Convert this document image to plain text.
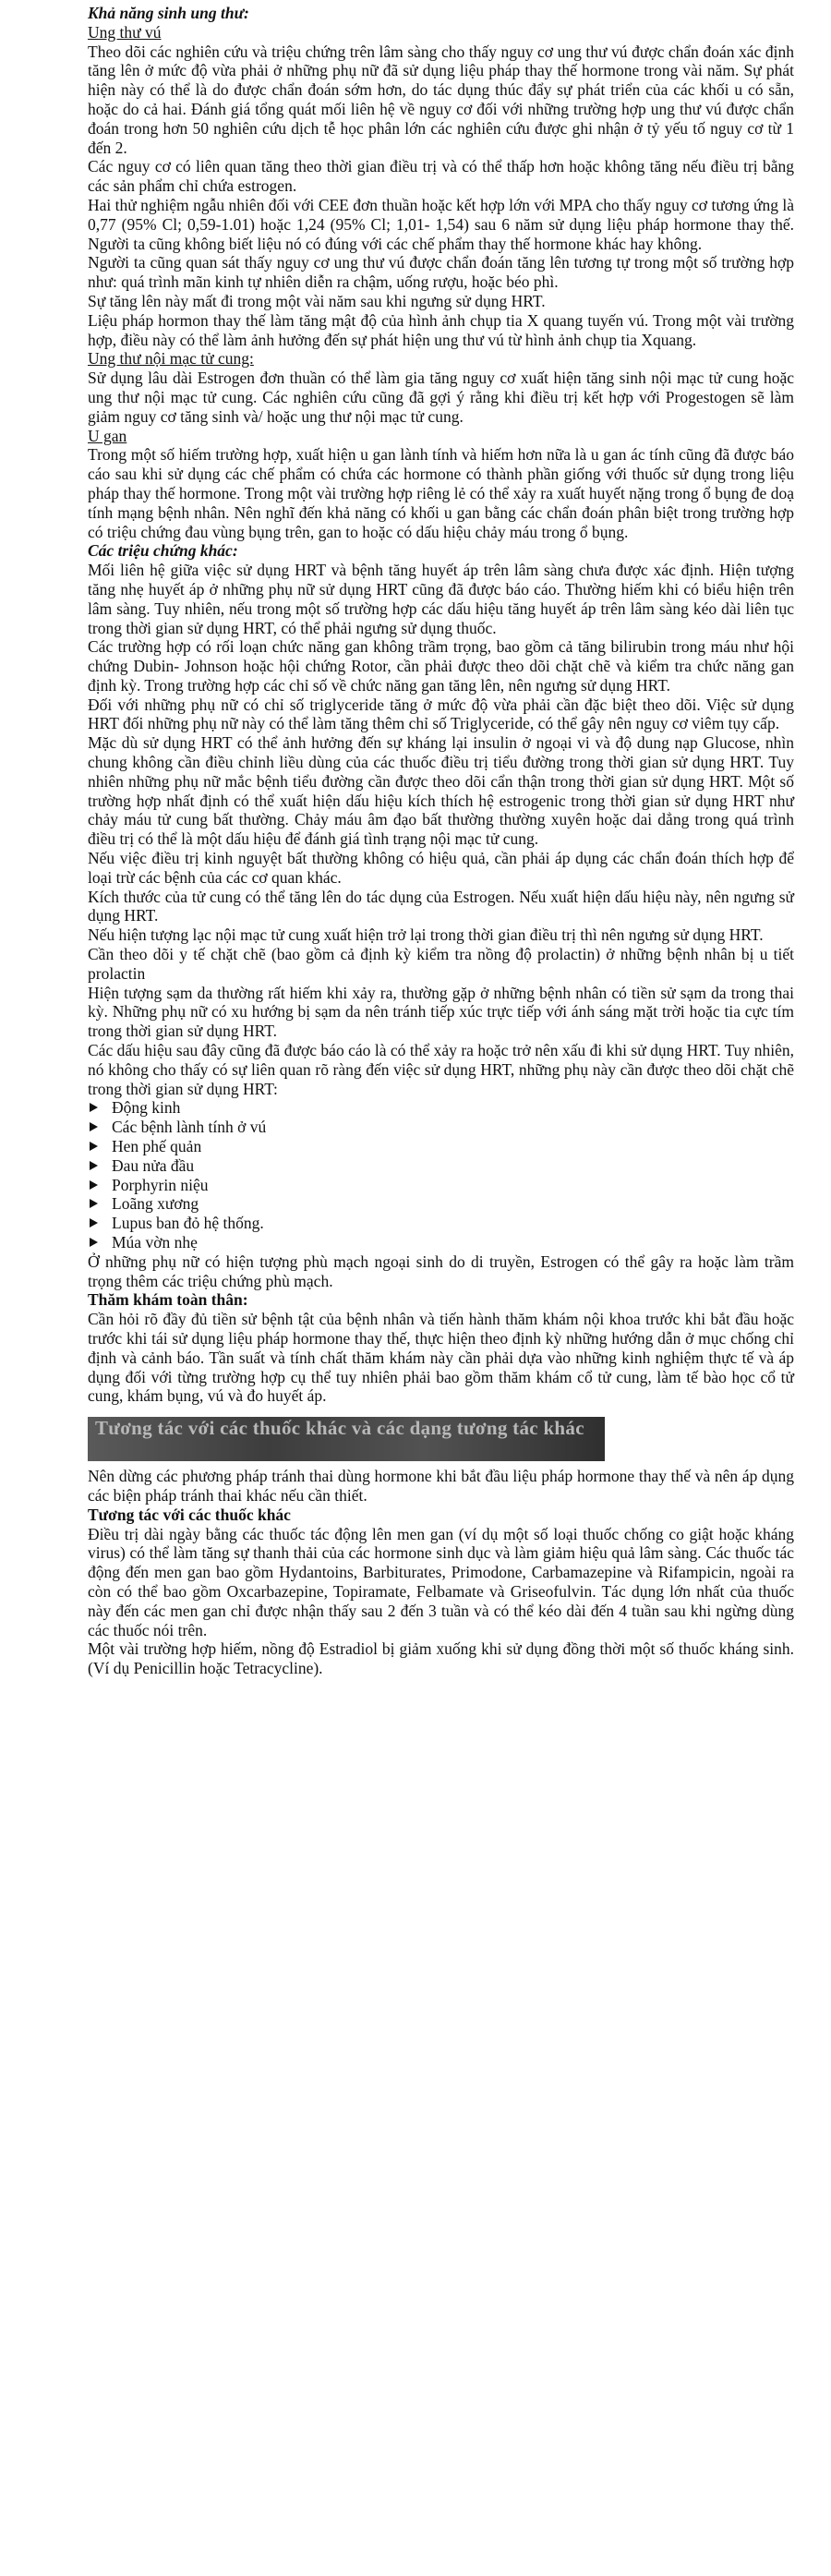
Khả năng sinh ung thư:

Ung thư vú

Theo dõi các nghiên cứu và triệu chứng trên lâm sàng cho thấy nguy cơ ung thư vú được chẩn đoán xác định tăng lên ở mức độ vừa phải ở những phụ nữ đã sử dụng liệu pháp thay thế hormone trong vài năm. Sự phát hiện này có thể là do được chẩn đoán sớm hơn, do tác dụng thúc đẩy sự phát triển của các khối u có sẵn, hoặc do cả hai. Đánh giá tổng quát mối liên hệ về nguy cơ đối với những trường hợp ung thư vú được chẩn đoán trong hơn 50 nghiên cứu dịch tễ học phân lớn các nghiên cứu được ghi nhận ở tỷ yếu tố nguy cơ từ 1 đến 2.

Các nguy cơ có liên quan tăng theo thời gian điều trị và có thể thấp hơn hoặc không tăng nếu điều trị bằng các sản phẩm chỉ chứa estrogen.

Hai thử nghiệm ngẫu nhiên đối với CEE đơn thuần hoặc kết hợp lớn với MPA cho thấy nguy cơ tương ứng là 0,77 (95% Cl; 0,59-1.01) hoặc 1,24 (95% Cl; 1,01- 1,54) sau 6 năm sử dụng liệu pháp hormone thay thế. Người ta cũng không biết liệu nó có đúng với các chế phẩm thay thế hormone khác hay không.

Người ta cũng quan sát thấy nguy cơ ung thư vú được chẩn đoán tăng lên tương tự trong một số trường hợp như: quá trình mãn kinh tự nhiên diễn ra chậm, uống rượu, hoặc béo phì.

Sự tăng lên này mất đi trong một vài năm sau khi ngưng sử dụng HRT.

Liệu pháp hormon thay thế làm tăng mật độ của hình ảnh chụp tia X quang tuyến vú. Trong một vài trường hợp, điều này có thể làm ảnh hưởng đến sự phát hiện ung thư vú từ hình ảnh chụp tia Xquang.

Ung thư nội mạc tử cung:

Sử dụng lâu dài Estrogen đơn thuần có thể làm gia tăng nguy cơ xuất hiện tăng sinh nội mạc tử cung hoặc ung thư nội mạc tử cung. Các nghiên cứu cũng đã gợi ý rằng khi điều trị kết hợp với Progestogen sẽ làm giảm nguy cơ tăng sinh và/ hoặc ung thư nội mạc tử cung.

U gan

Trong một số hiếm trường hợp, xuất hiện u gan lành tính và hiếm hơn nữa là u gan ác tính cũng đã được báo cáo sau khi sử dụng các chế phẩm có chứa các hormone có thành phần giống với thuốc sử dụng trong liệu pháp thay thế hormone. Trong một vài trường hợp riêng lẻ có thể xảy ra xuất huyết nặng trong ổ bụng đe doạ tính mạng bệnh nhân. Nên nghĩ đến khả năng có khối u gan bằng các chẩn đoán phân biệt trong trường hợp có triệu chứng đau vùng bụng trên, gan to hoặc có dấu hiệu chảy máu trong ổ bụng.

Các triệu chứng khác:

Mối liên hệ giữa việc sử dụng HRT và bệnh tăng huyết áp trên lâm sàng chưa được xác định. Hiện tượng tăng nhẹ huyết áp ở những phụ nữ sử dụng HRT cũng đã được báo cáo. Thường hiếm khi có biểu hiện trên lâm sàng. Tuy nhiên, nếu trong một số trường hợp các dấu hiệu tăng huyết áp trên lâm sàng kéo dài liên tục trong thời gian sử dụng HRT, có thể phải ngưng sử dụng thuốc.

Các trường hợp có rối loạn chức năng gan không trầm trọng, bao gồm cả tăng bilirubin trong máu như hội chứng Dubin- Johnson hoặc hội chứng Rotor, cần phải được theo dõi chặt chẽ và kiểm tra chức năng gan định kỳ. Trong trường hợp các chỉ số về chức năng gan tăng lên, nên ngưng sử dụng HRT.

Đối với những phụ nữ có chỉ số triglyceride tăng ở mức độ vừa phải cần đặc biệt theo dõi. Việc sử dụng HRT đối những phụ nữ này có thể làm tăng thêm chỉ số Triglyceride, có thể gây nên nguy cơ viêm tụy cấp.

Mặc dù sử dụng HRT có thể ảnh hưởng đến sự kháng lại insulin ở ngoại vi và độ dung nạp Glucose, nhìn chung không cần điều chỉnh liều dùng của các thuốc điều trị tiểu đường trong thời gian sử dụng HRT. Tuy nhiên những phụ nữ mắc bệnh tiểu đường cần được theo dõi cẩn thận trong thời gian sử dụng HRT. Một số trường hợp nhất định có thể xuất hiện dấu hiệu kích thích hệ estrogenic trong thời gian sử dụng HRT như chảy máu tử cung bất thường. Chảy máu âm đạo bất thường thường xuyên hoặc dai dẳng trong quá trình điều trị có thể là một dấu hiệu để đánh giá tình trạng nội mạc tử cung.

Nếu việc điều trị kinh nguyệt bất thường không có hiệu quả, cần phải áp dụng các chẩn đoán thích hợp để loại trừ các bệnh của các cơ quan khác.

Kích thước của tử cung có thể tăng lên do tác dụng của Estrogen. Nếu xuất hiện dấu hiệu này, nên ngưng sử dụng HRT.

Nếu hiện tượng lạc nội mạc tử cung xuất hiện trở lại trong thời gian điều trị thì nên ngưng sử dụng HRT.

Cần theo dõi y tế chặt chẽ (bao gồm cả định kỳ kiểm tra nồng độ prolactin) ở những bệnh nhân bị u tiết prolactin

Hiện tượng sạm da thường rất hiếm khi xảy ra, thường gặp ở những bệnh nhân có tiền sử sạm da trong thai kỳ. Những phụ nữ có xu hướng bị sạm da nên tránh tiếp xúc trực tiếp với ánh sáng mặt trời hoặc tia cực tím trong thời gian sử dụng HRT.

Các dấu hiệu sau đây cũng đã được báo cáo là có thể xảy ra hoặc trở nên xấu đi khi sử dụng HRT. Tuy nhiên, nó không cho thấy có sự liên quan rõ ràng đến việc sử dụng HRT, những phụ này cần được theo dõi chặt chẽ trong thời gian sử dụng HRT:

Động kinh
Các bệnh lành tính ở vú
Hen phế quản
Đau nửa đầu
Porphyrin niệu
Loãng xương
Lupus ban đỏ hệ thống.
Múa vờn nhẹ

Ở những phụ nữ có hiện tượng phù mạch ngoại sinh do di truyền, Estrogen có thể gây ra hoặc làm trầm trọng thêm các triệu chứng phù mạch.

Thăm khám toàn thân:

Cần hỏi rõ đầy đủ tiền sử bệnh tật của bệnh nhân và tiến hành thăm khám nội khoa trước khi bắt đầu hoặc trước khi tái sử dụng liệu pháp hormone thay thế, thực hiện theo định kỳ những hướng dẫn ở mục chống chỉ định và cảnh báo. Tần suất và tính chất thăm khám này cần phải dựa vào những kinh nghiệm thực tế và áp dụng đối với từng trường hợp cụ thể tuy nhiên phải bao gồm thăm khám cổ tử cung, làm tế bào học cổ tử cung, khám bụng, vú và đo huyết áp.

Tương tác với các thuốc khác và các dạng tương tác khác

Nên dừng các phương pháp tránh thai dùng hormone khi bắt đầu liệu pháp hormone thay thế và nên áp dụng các biện pháp tránh thai khác nếu cần thiết.

Tương tác với các thuốc khác

Điều trị dài ngày bằng các thuốc tác động lên men gan (ví dụ một số loại thuốc chống co giật hoặc kháng virus) có thể làm tăng sự thanh thải của các hormone sinh dục và làm giảm hiệu quả lâm sàng. Các thuốc tác động đến men gan bao gồm Hydantoins, Barbiturates, Primodone, Carbamazepine và Rifampicin, ngoài ra còn có thể bao gồm Oxcarbazepine, Topiramate, Felbamate và Griseofulvin. Tác dụng lớn nhất của thuốc này đến các men gan chỉ được nhận thấy sau 2 đến 3 tuần và có thể kéo dài đến 4 tuần sau khi ngừng dùng các thuốc nói trên.

Một vài trường hợp hiếm, nồng độ Estradiol bị giảm xuống khi sử dụng đồng thời một số thuốc kháng sinh. (Ví dụ Penicillin hoặc Tetracycline).
